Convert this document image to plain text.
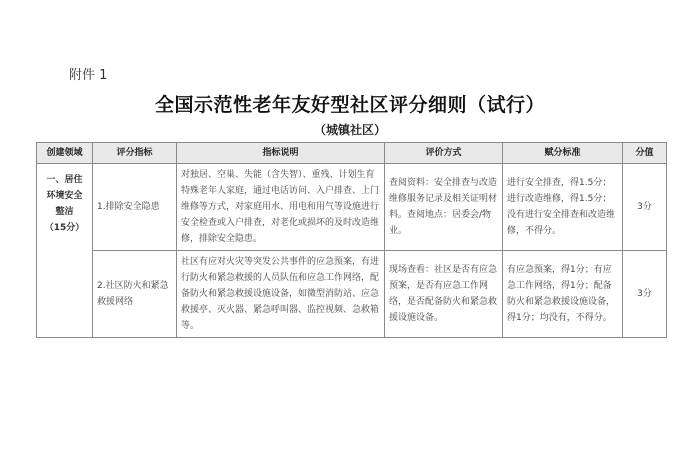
附件 1
全国示范性老年友好型社区评分细则（试行）
（城镇社区）
创建领域	评分指标	指标说明	评价方式	赋分标准	分值

一、居住
环境安全
整洁
（15分）	1.排除安全隐患	对独居、空巢、失能（含失智）、重残、计划生育特殊老年人家庭，通过电话访问、入户排查、上门维修等方式，对家庭用水、用电和用气等设施进行安全检查或入户排查，对老化或损坏的及时改造维修，排除安全隐患。	查阅资料：安全排查与改造维修服务记录及相关证明材料。查阅地点：居委会/物业。	进行安全排查，得1.5分；进行改造维修，得1.5分；没有进行安全排查和改造维修，不得分。	3分
	2.社区防火和紧急救援网络	社区有应对火灾等突发公共事件的应急预案，有进行防火和紧急救援的人员队伍和应急工作网络，配备防火和紧急救援设施设备，如微型消防站、应急救援亭、灭火器、紧急呼叫器、监控视频、急救箱等。	现场查看：社区是否有应急预案，是否有应急工作网络，是否配备防火和紧急救援设施设备。	有应急预案，得1分；有应急工作网络，得1分；配备防火和紧急救援设施设备，得1分；均没有，不得分。	3分
